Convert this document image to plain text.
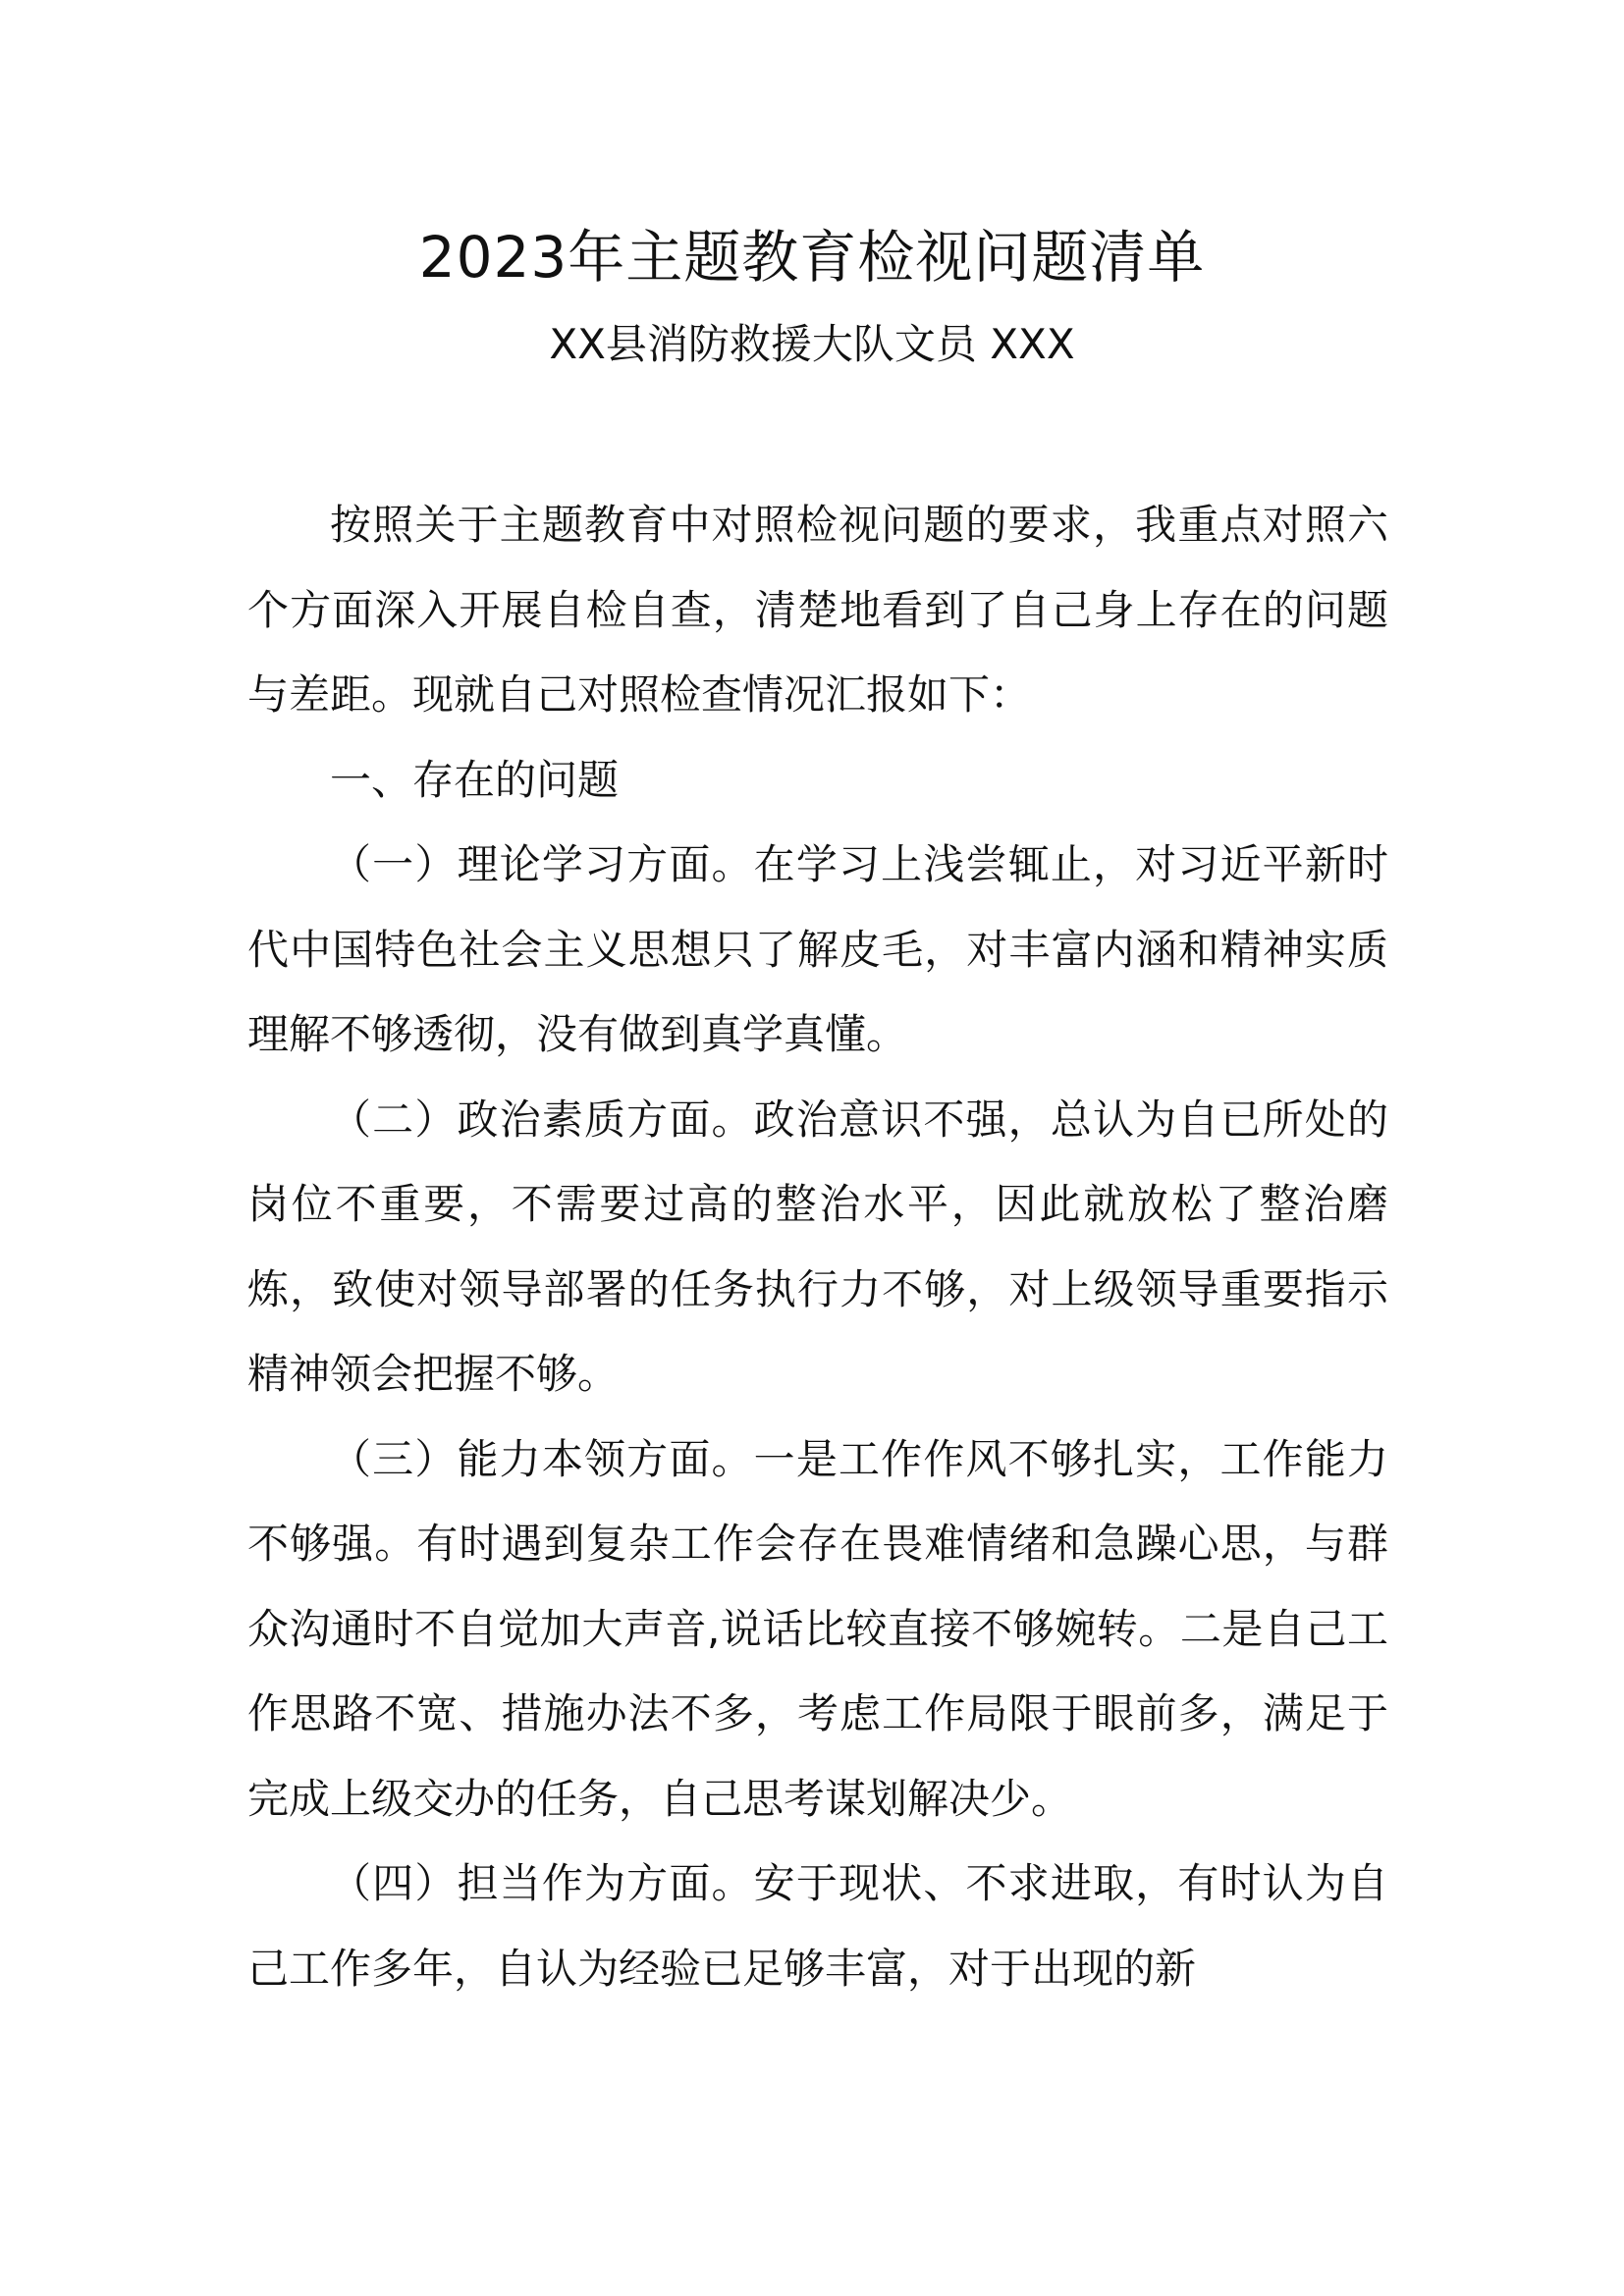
2023年主题教育检视问题清单
XX县消防救援大队文员 XXX

按照关于主题教育中对照检视问题的要求，我重点对照六个方面深入开展自检自查，清楚地看到了自己身上存在的问题与差距。现就自己对照检查情况汇报如下：

一、存在的问题

（一）理论学习方面。在学习上浅尝辄止，对习近平新时代中国特色社会主义思想只了解皮毛，对丰富内涵和精神实质理解不够透彻，没有做到真学真懂。

（二）政治素质方面。政治意识不强，总认为自已所处的岗位不重要，不需要过高的整治水平，因此就放松了整治磨炼，致使对领导部署的任务执行力不够，对上级领导重要指示精神领会把握不够。

（三）能力本领方面。一是工作作风不够扎实，工作能力不够强。有时遇到复杂工作会存在畏难情绪和急躁心思，与群众沟通时不自觉加大声音,说话比较直接不够婉转。二是自己工作思路不宽、措施办法不多，考虑工作局限于眼前多，满足于完成上级交办的任务，自己思考谋划解决少。

（四）担当作为方面。安于现状、不求进取，有时认为自己工作多年，自认为经验已足够丰富，对于出现的新
